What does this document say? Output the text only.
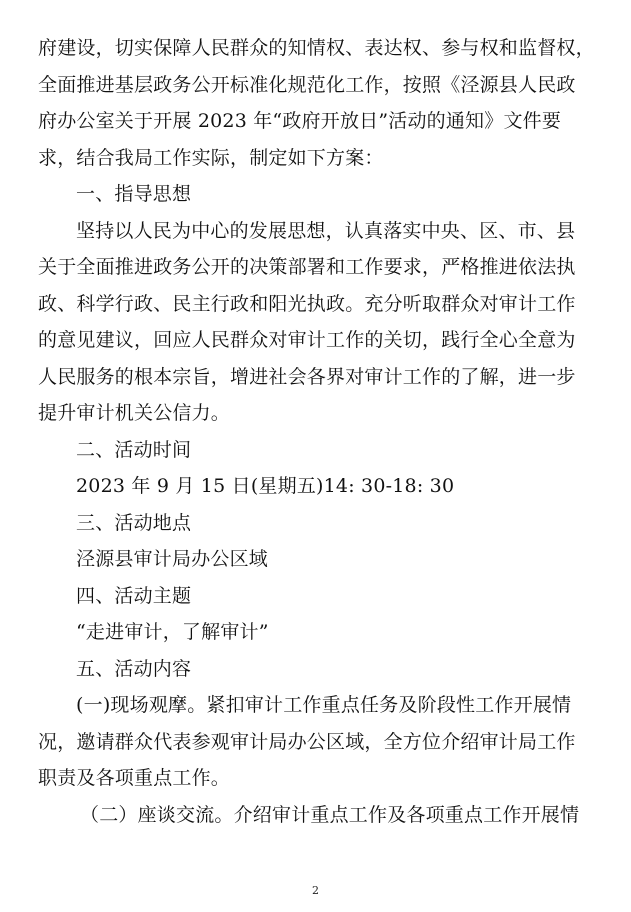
府建设，切实保障人民群众的知情权、表达权、参与权和监督权，
全面推进基层政务公开标准化规范化工作，按照《泾源县人民政
府办公室关于开展 2023 年“政府开放日”活动的通知》文件要
求，结合我局工作实际，制定如下方案：
一、指导思想
坚持以人民为中心的发展思想，认真落实中央、区、市、县
关于全面推进政务公开的决策部署和工作要求，严格推进依法执
政、科学行政、民主行政和阳光执政。充分听取群众对审计工作
的意见建议，回应人民群众对审计工作的关切，践行全心全意为
人民服务的根本宗旨，增进社会各界对审计工作的了解，进一步
提升审计机关公信力。
二、活动时间
2023 年 9 月 15 日(星期五)14: 30-18: 30
三、活动地点
泾源县审计局办公区域
四、活动主题
“走进审计，了解审计”
五、活动内容
(一)现场观摩。紧扣审计工作重点任务及阶段性工作开展情
况，邀请群众代表参观审计局办公区域，全方位介绍审计局工作
职责及各项重点工作。
（二）座谈交流。介绍审计重点工作及各项重点工作开展情
2
